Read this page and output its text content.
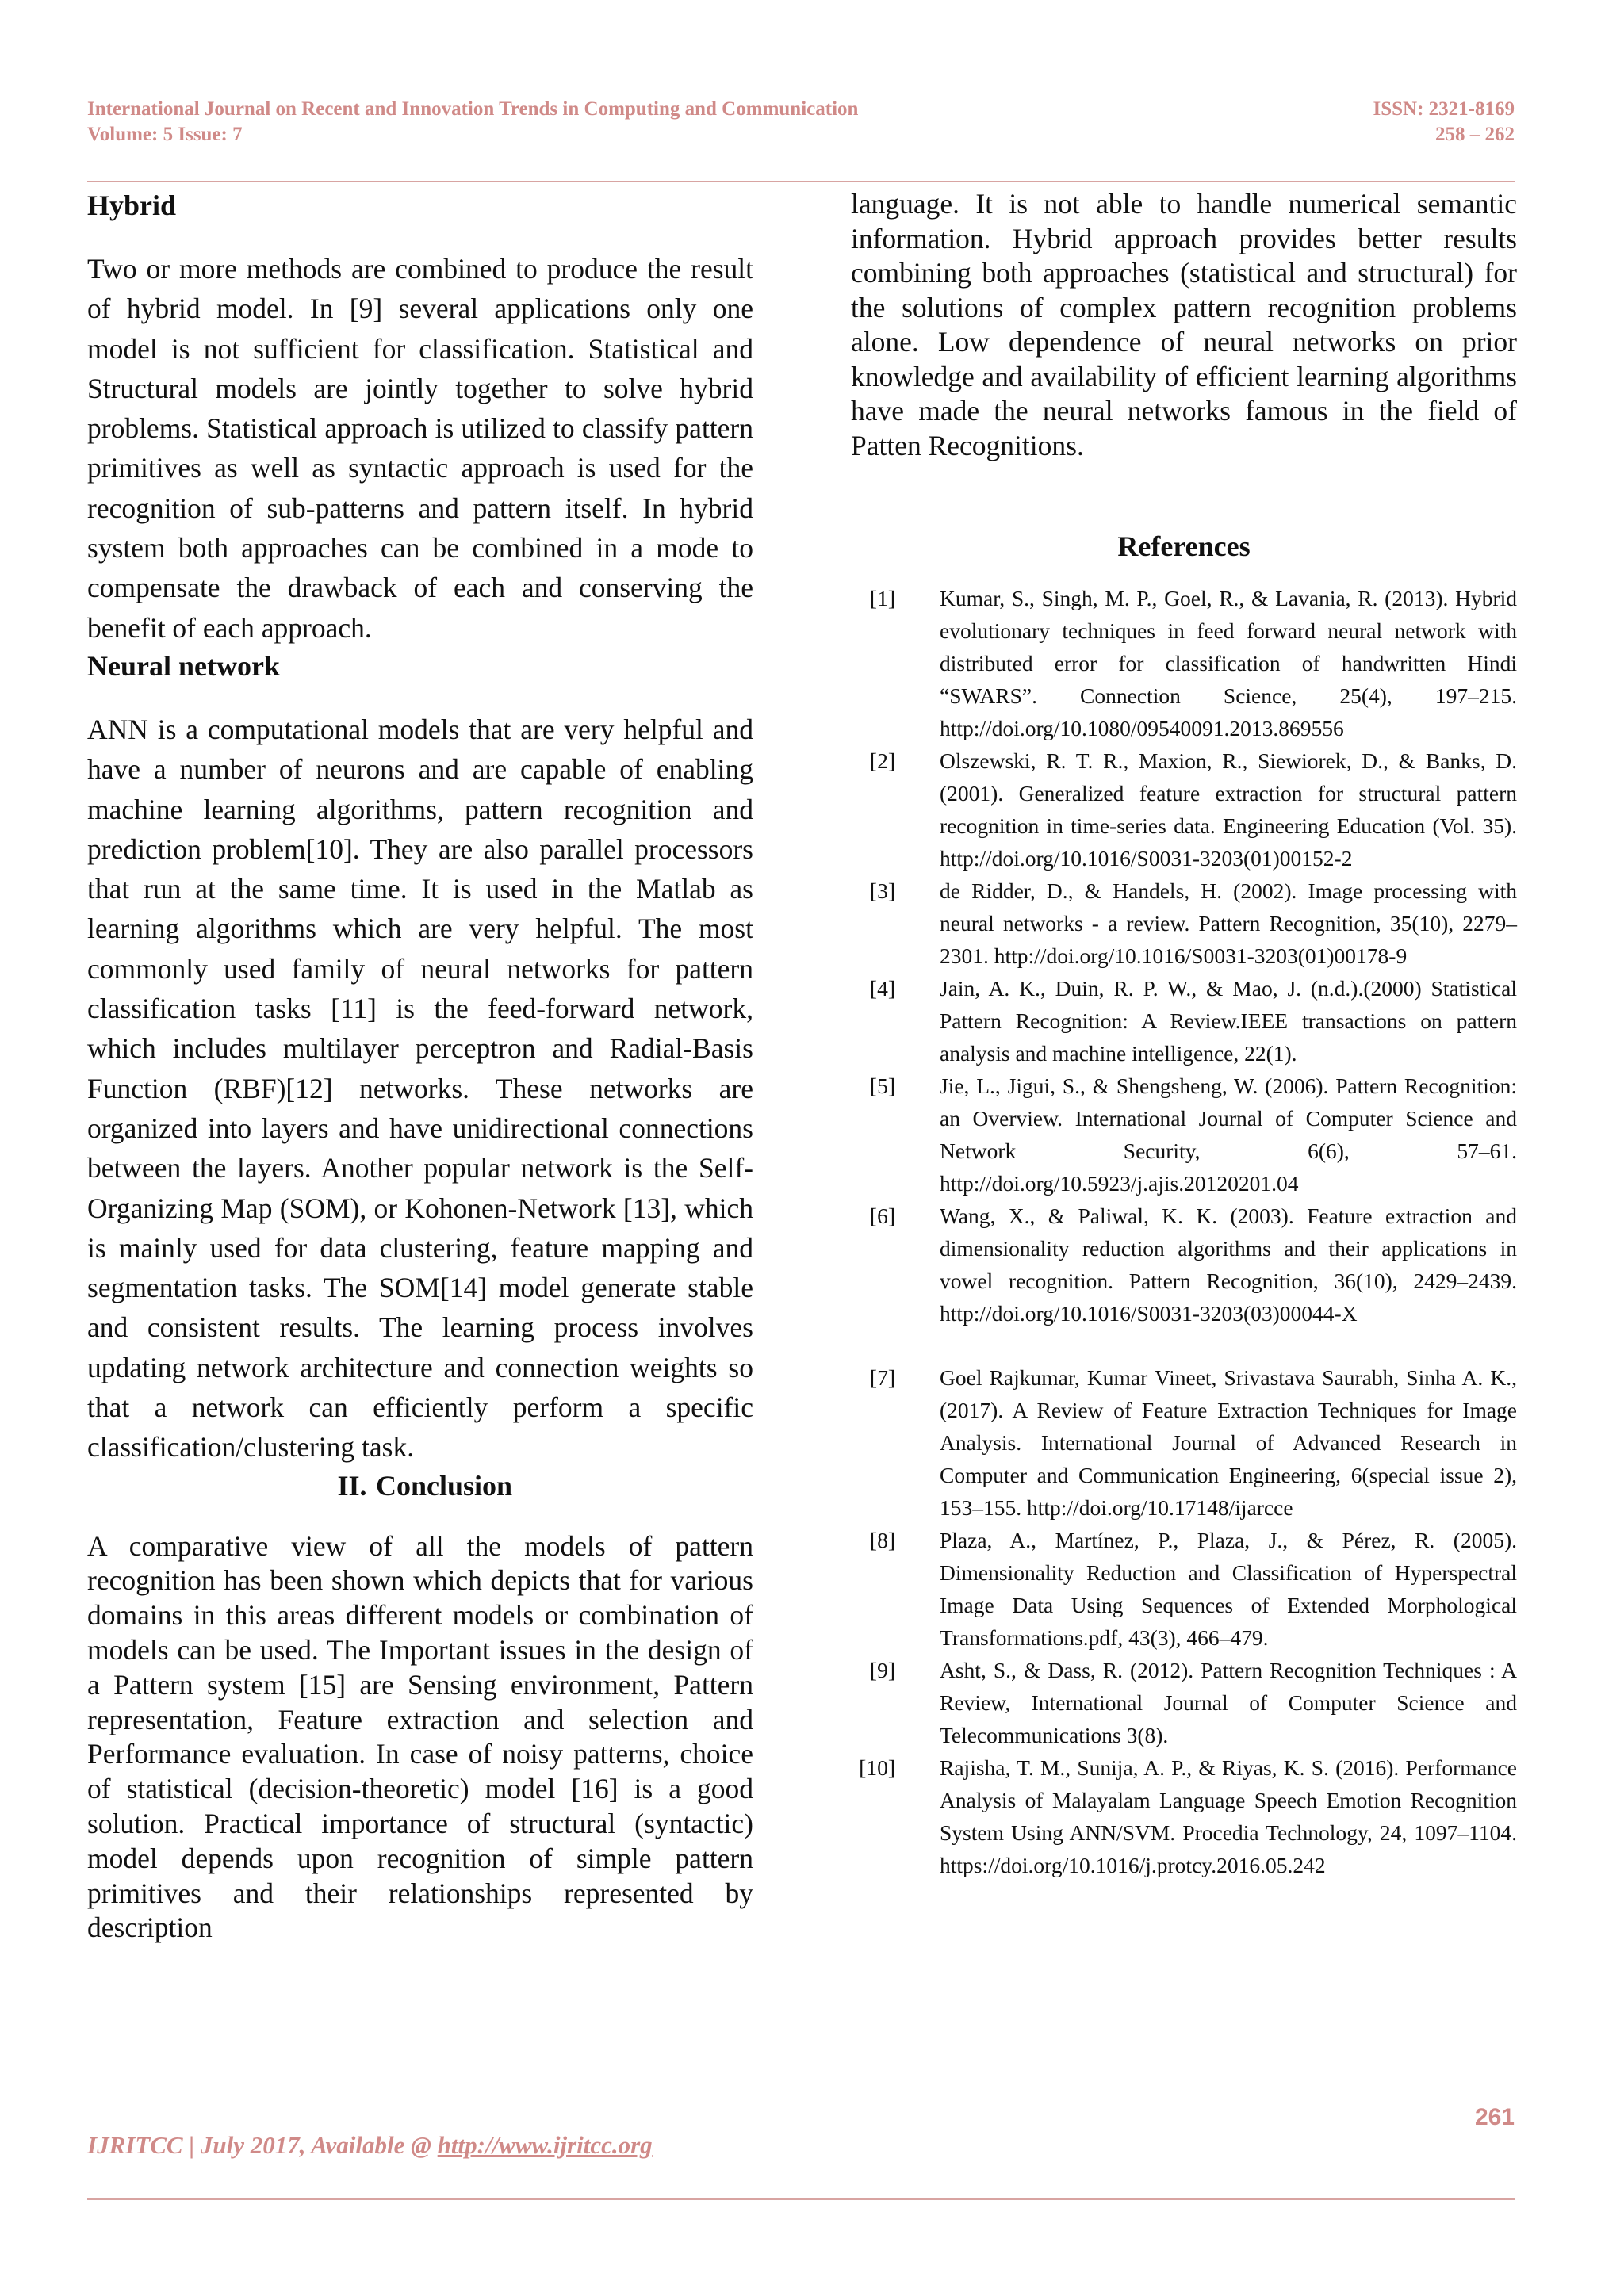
International Journal on Recent and Innovation Trends in Computing and Communication
Volume: 5 Issue: 7
ISSN: 2321-8169
258 – 262
Hybrid

Two or more methods are combined to produce the result of hybrid model. In [9] several applications only one model is not sufficient for classification. Statistical and Structural models are jointly together to solve hybrid problems. Statistical approach is utilized to classify pattern primitives as well as syntactic approach is used for the recognition of sub-patterns and pattern itself. In hybrid system both approaches can be combined in a mode to compensate the drawback of each and conserving the benefit of each approach.

Neural network

ANN is a computational models that are very helpful and have a number of neurons and are capable of enabling machine learning algorithms, pattern recognition and prediction problem[10]. They are also parallel processors that run at the same time. It is used in the Matlab as learning algorithms which are very helpful. The most commonly used family of neural networks for pattern classification tasks [11] is the feed-forward network, which includes multilayer perceptron and Radial-Basis Function (RBF)[12] networks. These networks are organized into layers and have unidirectional connections between the layers. Another popular network is the Self-Organizing Map (SOM), or Kohonen-Network [13], which is mainly used for data clustering, feature mapping and segmentation tasks. The SOM[14] model generate stable and consistent results. The learning process involves updating network architecture and connection weights so that a network can efficiently perform a specific classification/clustering task.

II. Conclusion

A comparative view of all the models of pattern recognition has been shown which depicts that for various domains in this areas different models or combination of models can be used. The Important issues in the design of a Pattern system [15] are Sensing environment, Pattern representation, Feature extraction and selection and Performance evaluation. In case of noisy patterns, choice of statistical (decision-theoretic) model [16] is a good solution. Practical importance of structural (syntactic) model depends upon recognition of simple pattern primitives and their relationships represented by description

language. It is not able to handle numerical semantic information. Hybrid approach provides better results combining both approaches (statistical and structural) for the solutions of complex pattern recognition problems alone. Low dependence of neural networks on prior knowledge and availability of efficient learning algorithms have made the neural networks famous in the field of Patten Recognitions.

References
[1]	Kumar, S., Singh, M. P., Goel, R., & Lavania, R. (2013). Hybrid evolutionary techniques in feed forward neural network with distributed error for classification of handwritten Hindi “SWARS”. Connection Science, 25(4), 197–215. http://doi.org/10.1080/09540091.2013.869556
[2]	Olszewski, R. T. R., Maxion, R., Siewiorek, D., & Banks, D. (2001). Generalized feature extraction for structural pattern recognition in time-series data. Engineering Education (Vol. 35). http://doi.org/10.1016/S0031-3203(01)00152-2
[3]	de Ridder, D., & Handels, H. (2002). Image processing with neural networks - a review. Pattern Recognition, 35(10), 2279–2301. http://doi.org/10.1016/S0031-3203(01)00178-9
[4]	Jain, A. K., Duin, R. P. W., & Mao, J. (n.d.).(2000) Statistical Pattern Recognition: A Review.IEEE transactions on pattern analysis and machine intelligence, 22(1).
[5]	Jie, L., Jigui, S., & Shengsheng, W. (2006). Pattern Recognition: an Overview. International Journal of Computer Science and Network Security, 6(6), 57–61. http://doi.org/10.5923/j.ajis.20120201.04
[6]	Wang, X., & Paliwal, K. K. (2003). Feature extraction and dimensionality reduction algorithms and their applications in vowel recognition. Pattern Recognition, 36(10), 2429–2439. http://doi.org/10.1016/S0031-3203(03)00044-X
[7]	Goel Rajkumar, Kumar Vineet, Srivastava Saurabh, Sinha A. K.,(2017). A Review of Feature Extraction Techniques for Image Analysis. International Journal of Advanced Research in Computer and Communication Engineering, 6(special issue 2), 153–155. http://doi.org/10.17148/ijarcce
[8]	Plaza, A., Martínez, P., Plaza, J., & Pérez, R. (2005). Dimensionality Reduction and Classification of Hyperspectral Image Data Using Sequences of Extended Morphological Transformations.pdf, 43(3), 466–479.
[9]	Asht, S., & Dass, R. (2012). Pattern Recognition Techniques : A Review, International Journal of Computer Science and Telecommunications 3(8).
[10]	Rajisha, T. M., Sunija, A. P., & Riyas, K. S. (2016). Performance Analysis of Malayalam Language Speech Emotion Recognition System Using ANN/SVM. Procedia Technology, 24, 1097–1104. https://doi.org/10.1016/j.protcy.2016.05.242
261
IJRITCC | July 2017, Available @ http://www.ijritcc.org
